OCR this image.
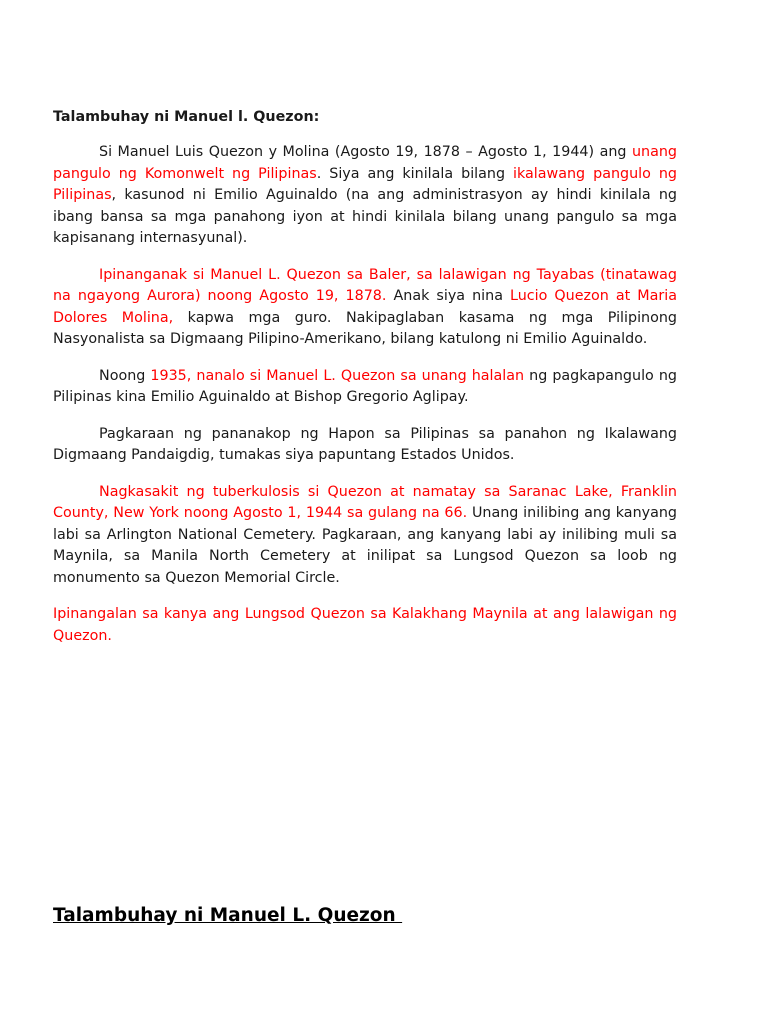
Talambuhay ni Manuel l. Quezon:

Si Manuel Luis Quezon y Molina (Agosto 19, 1878 – Agosto 1, 1944) ang unang pangulo ng Komonwelt ng Pilipinas. Siya ang kinilala bilang ikalawang pangulo ng Pilipinas, kasunod ni Emilio Aguinaldo (na ang administrasyon ay hindi kinilala ng ibang bansa sa mga panahong iyon at hindi kinilala bilang unang pangulo sa mga kapisanang internasyunal).

Ipinanganak si Manuel L. Quezon sa Baler, sa lalawigan ng Tayabas (tinatawag na ngayong Aurora) noong Agosto 19, 1878. Anak siya nina Lucio Quezon at Maria Dolores Molina, kapwa mga guro. Nakipaglaban kasama ng mga Pilipinong Nasyonalista sa Digmaang Pilipino-Amerikano, bilang katulong ni Emilio Aguinaldo.

Noong 1935, nanalo si Manuel L. Quezon sa unang halalan ng pagkapangulo ng Pilipinas kina Emilio Aguinaldo at Bishop Gregorio Aglipay.

Pagkaraan ng pananakop ng Hapon sa Pilipinas sa panahon ng Ikalawang Digmaang Pandaigdig, tumakas siya papuntang Estados Unidos.

Nagkasakit ng tuberkulosis si Quezon at namatay sa Saranac Lake, Franklin County, New York noong Agosto 1, 1944 sa gulang na 66. Unang inilibing ang kanyang labi sa Arlington National Cemetery. Pagkaraan, ang kanyang labi ay inilibing muli sa Maynila, sa Manila North Cemetery at inilipat sa Lungsod Quezon sa loob ng monumento sa Quezon Memorial Circle.

Ipinangalan sa kanya ang Lungsod Quezon sa Kalakhang Maynila at ang lalawigan ng Quezon.

Talambuhay ni Manuel L. Quezon
